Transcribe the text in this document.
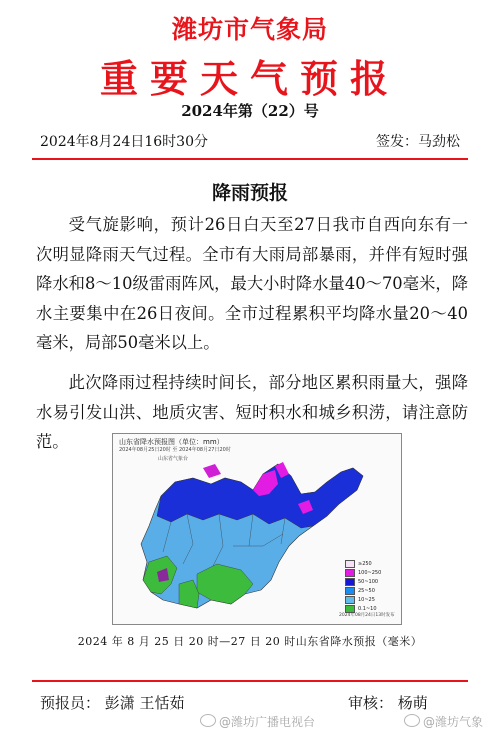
潍坊市气象局
重要天气预报
2024年第（22）号
2024年8月24日16时30分	签发：马劲松
降雨预报

受气旋影响，预计26日白天至27日我市自西向东有一次明显降雨天气过程。全市有大雨局部暴雨，并伴有短时强降水和8～10级雷雨阵风，最大小时降水量40～70毫米，降水主要集中在26日夜间。全市过程累积平均降水量20～40毫米，局部50毫米以上。

此次降雨过程持续时间长，部分地区累积雨量大，强降水易引发山洪、地质灾害、短时积水和城乡积涝，请注意防范。	山东省降水预报图（单位：mm）
2024年08月25日20时 至 2024年08月27日20时
山东省气象台
≥250
100~250
50~100
25~50
10~25
0.1~10
2024年08月24日13时发布
2024 年 8 月 25 日 20 时—27 日 20 时山东省降水预报（毫米）
预报员： 彭潇 王恬茹	审核： 杨萌
@潍坊广播电视台	@潍坊气象
